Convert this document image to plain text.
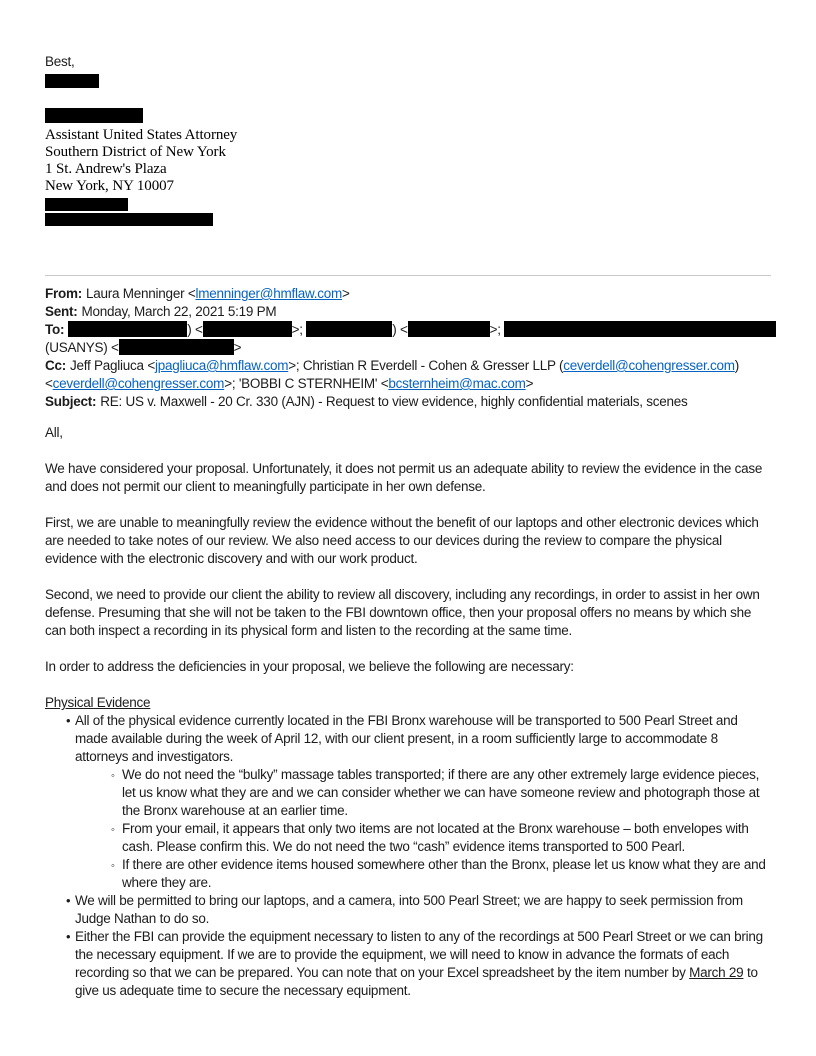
Best,

Assistant United States Attorney

Southern District of New York

1 St. Andrew's Plaza

New York, NY 10007

From: Laura Menninger <lmenninger@hmflaw.com>
Sent: Monday, March 22, 2021 5:19 PM
To:	) <	>;	) <	>;
(USANYS) <	>
Cc: Jeff Pagliuca <jpagliuca@hmflaw.com>; Christian R Everdell - Cohen & Gresser LLP (ceverdell@cohengresser.com)
<ceverdell@cohengresser.com>; 'BOBBI C STERNHEIM' <bcsternheim@mac.com>
Subject: RE: US v. Maxwell - 20 Cr. 330 (AJN) - Request to view evidence, highly confidential materials, scenes

All,

We have considered your proposal. Unfortunately, it does not permit us an adequate ability to review the evidence in the case and does not permit our client to meaningfully participate in her own defense.

First, we are unable to meaningfully review the evidence without the benefit of our laptops and other electronic devices which are needed to take notes of our review. We also need access to our devices during the review to compare the physical evidence with the electronic discovery and with our work product.

Second, we need to provide our client the ability to review all discovery, including any recordings, in order to assist in her own defense. Presuming that she will not be taken to the FBI downtown office, then your proposal offers no means by which she can both inspect a recording in its physical form and listen to the recording at the same time.

In order to address the deficiencies in your proposal, we believe the following are necessary:

Physical Evidence

• All of the physical evidence currently located in the FBI Bronx warehouse will be transported to 500 Pearl Street and made available during the week of April 12, with our client present, in a room sufficiently large to accommodate 8 attorneys and investigators.
◦ We do not need the “bulky” massage tables transported; if there are any other extremely large evidence pieces, let us know what they are and we can consider whether we can have someone review and photograph those at the Bronx warehouse at an earlier time.
◦ From your email, it appears that only two items are not located at the Bronx warehouse – both envelopes with cash. Please confirm this. We do not need the two “cash” evidence items transported to 500 Pearl.
◦ If there are other evidence items housed somewhere other than the Bronx, please let us know what they are and where they are.
• We will be permitted to bring our laptops, and a camera, into 500 Pearl Street; we are happy to seek permission from Judge Nathan to do so.
• Either the FBI can provide the equipment necessary to listen to any of the recordings at 500 Pearl Street or we can bring the necessary equipment. If we are to provide the equipment, we will need to know in advance the formats of each recording so that we can be prepared. You can note that on your Excel spreadsheet by the item number by March 29 to give us adequate time to secure the necessary equipment.
